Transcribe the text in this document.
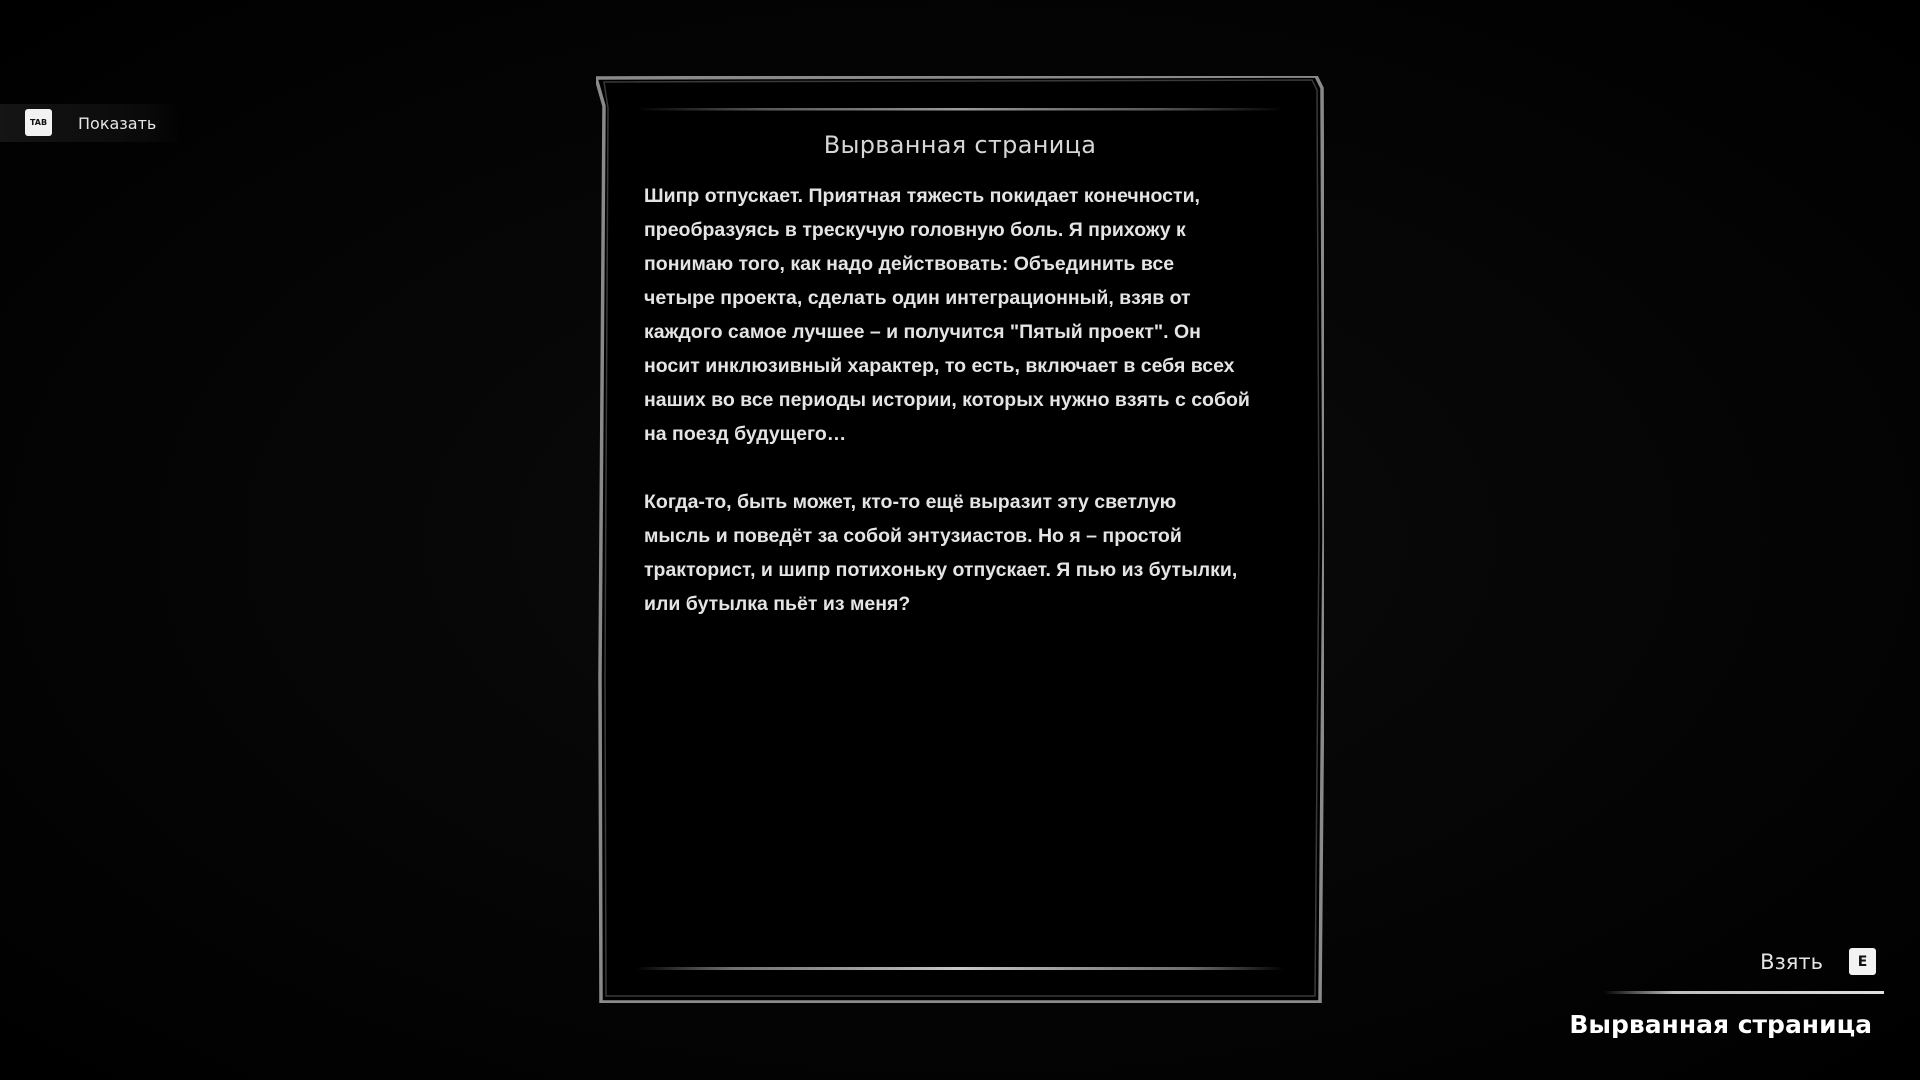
TAB	Показать
Вырванная страница

Шипр отпускает. Приятная тяжесть покидает конечности,
преобразуясь в трескучую головную боль. Я прихожу к
понимаю того, как надо действовать: Объединить все
четыре проекта, сделать один интеграционный, взяв от
каждого самое лучшее – и получится "Пятый проект". Он
носит инклюзивный характер, то есть, включает в себя всех
наших во все периоды истории, которых нужно взять с собой
на поезд будущего…

Когда-то, быть может, кто-то ещё выразит эту светлую
мысль и поведёт за собой энтузиастов. Но я – простой
тракторист, и шипр потихоньку отпускает. Я пью из бутылки,
или бутылка пьёт из меня?

Взять	E
Вырванная страница
